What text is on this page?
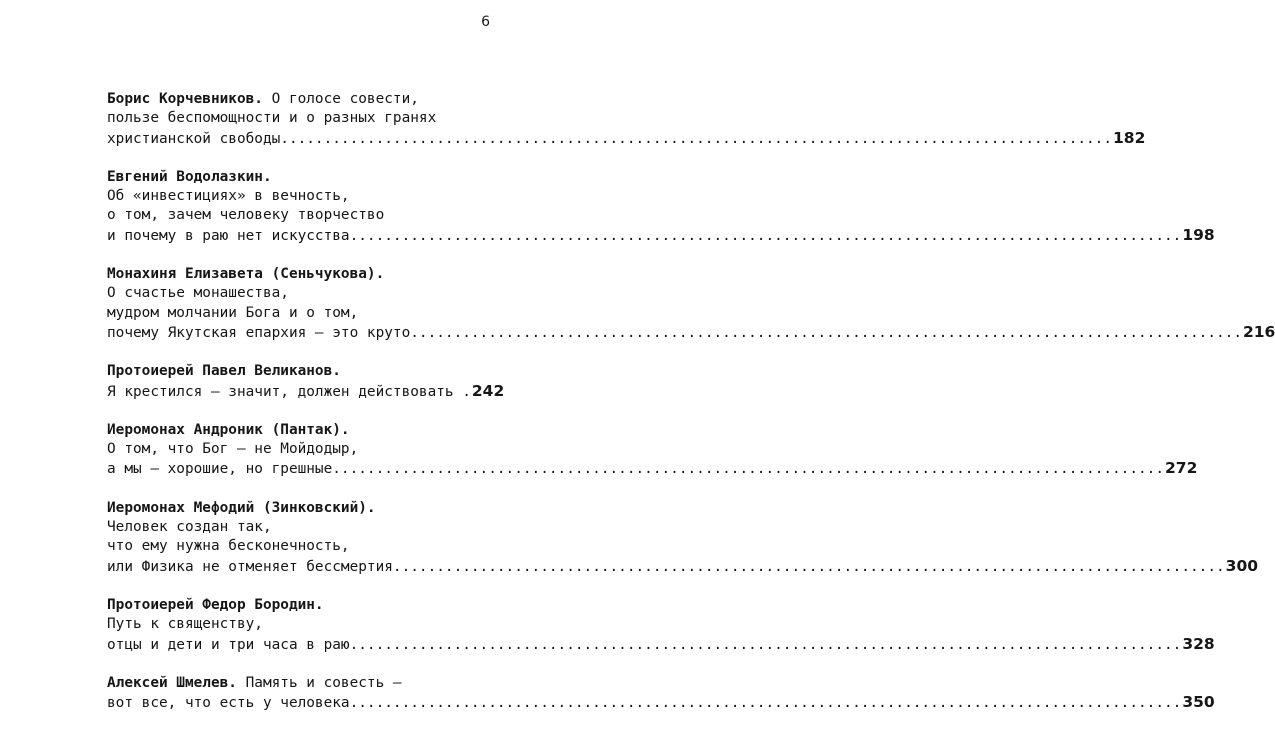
6
Борис Корчевников. О голосе совести,
пользе беспомощности и о разных гранях
христианской свободы .....	182
Евгений Водолазкин.
Об «инвестициях» в вечность,
о том, зачем человеку творчество
и почему в раю нет искусства .....	198
Монахиня Елизавета (Сеньчукова).
О счастье монашества,
мудром молчании Бога и о том,
почему Якутская епархия — это круто .....	216
Протоиерей Павел Великанов.
Я крестился — значит, должен действовать . 242
Иеромонах Андроник (Пантак).
О том, что Бог — не Мойдодыр,
а мы — хорошие, но грешные .....	272
Иеромонах Мефодий (Зинковский).
Человек создан так,
что ему нужна бесконечность,
или Физика не отменяет бессмертия .....	300
Протоиерей Федор Бородин.
Путь к священству,
отцы и дети и три часа в раю .....	328
Алексей Шмелев. Память и совесть —
вот все, что есть у человека .....	350
